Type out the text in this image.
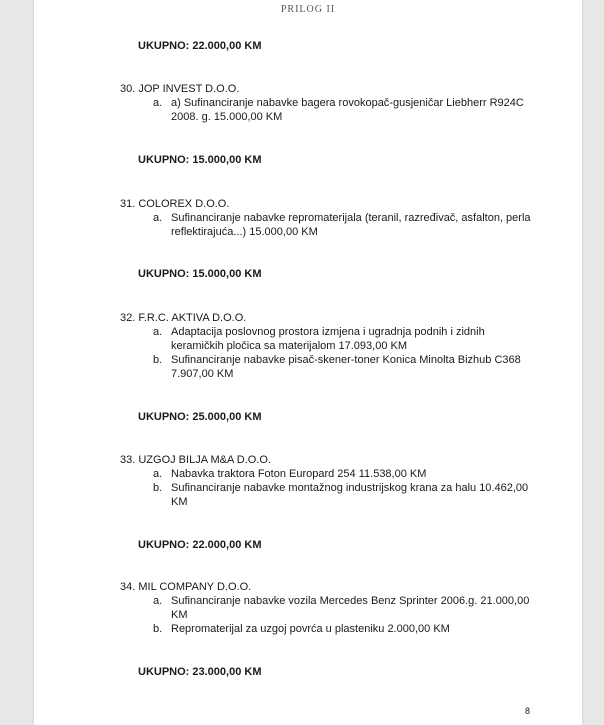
PRILOG II
UKUPNO: 22.000,00 KM

30. JOP INVEST D.O.O.

a. a) Sufinanciranje nabavke bagera rovokopač-gusjeničar Liebherr R924C 2008. g. 15.000,00 KM
UKUPNO: 15.000,00 KM

31. COLOREX D.O.O.

a. Sufinanciranje nabavke repromaterijala (teranil, razređivač, asfalton, perla reflektirajuća...) 15.000,00 KM
UKUPNO: 15.000,00 KM

32. F.R.C. AKTIVA D.O.O.

a. Adaptacija poslovnog prostora izmjena i ugradnja podnih i zidnih keramičkih pločica sa materijalom 17.093,00 KM
b. Sufinanciranje nabavke pisač-skener-toner Konica Minolta Bizhub C368 7.907,00 KM
UKUPNO: 25.000,00 KM

33. UZGOJ BILJA M&A D.O.O.

a. Nabavka traktora Foton Europard 254 11.538,00 KM
b. Sufinanciranje nabavke montažnog industrijskog krana za halu 10.462,00 KM
UKUPNO: 22.000,00 KM

34. MIL COMPANY D.O.O.

a. Sufinanciranje nabavke vozila Mercedes Benz Sprinter 2006.g. 21.000,00 KM
b. Repromaterijal za uzgoj povrća u plasteniku 2.000,00 KM
UKUPNO: 23.000,00 KM
8
